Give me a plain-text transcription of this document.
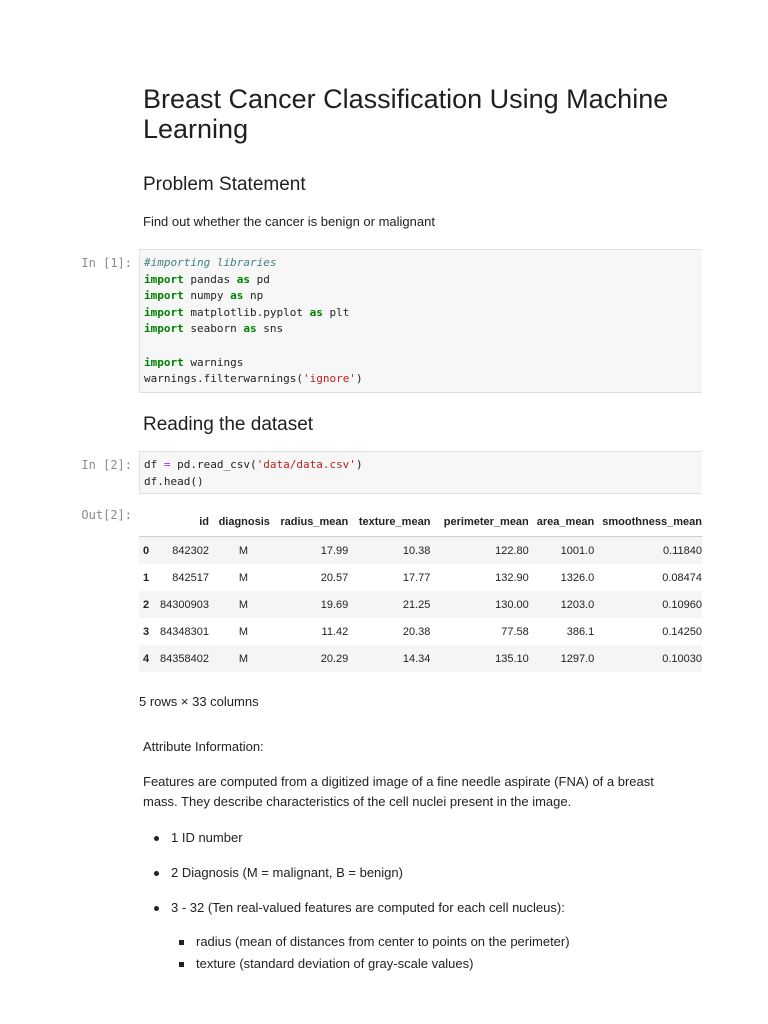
Breast Cancer Classification Using Machine Learning
Problem Statement

Find out whether the cancer is benign or malignant

In [1]: #importing libraries
import pandas as pd
import numpy as np
import matplotlib.pyplot as plt
import seaborn as sns
import warnings
warnings.filterwarnings('ignore')
Reading the dataset
In [2]: df = pd.read_csv('data/data.csv')
df.head()
Out[2]:
		id	diagnosis	radius_mean	texture_mean	perimeter_mean	area_mean	smoothness_mean
0	842302	M	17.99	10.38	122.80	1001.0	0.11840
1	842517	M	20.57	17.77	132.90	1326.0	0.08474
2	84300903	M	19.69	21.25	130.00	1203.0	0.10960
3	84348301	M	11.42	20.38	77.58	386.1	0.14250
4	84358402	M	20.29	14.34	135.10	1297.0	0.10030

5 rows × 33 columns

Attribute Information:

Features are computed from a digitized image of a fine needle aspirate (FNA) of a breast mass. They describe characteristics of the cell nuclei present in the image.

1 ID number
2 Diagnosis (M = malignant, B = benign)
3 - 32 (Ten real-valued features are computed for each cell nucleus):
radius (mean of distances from center to points on the perimeter)
texture (standard deviation of gray-scale values)
